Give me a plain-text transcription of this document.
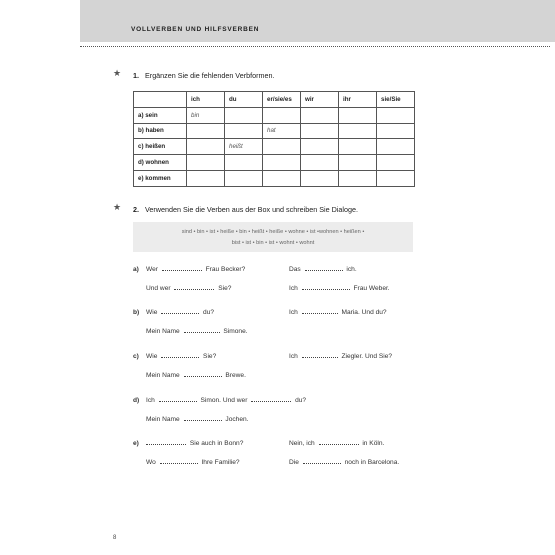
VOLLVERBEN UND HILFSVERBEN
★ 1. Ergänzen Sie die fehlenden Verbformen.
	ich	du	er/sie/es	wir	ihr	sie/Sie
a) sein	bin					
b) haben			hat			
c) heißen		heißt				
d) wohnen						
e) kommen						
★ 2. Verwenden Sie die Verben aus der Box und schreiben Sie Dialoge.
sind • bin • ist • heiße • bin • heißt • heiße • wohne • ist •wohnen • heißen •
bist • ist • bin • ist • wohnt • wohnt
a) Wer	Frau Becker?	Das	ich.
Und wer	Sie?	Ich	Frau Weber.
b) Wie	du?	Ich	Maria. Und du?
Mein Name	Simone.
c) Wie	Sie?	Ich	Ziegler. Und Sie?
Mein Name	Brewe.
d) Ich	Simon. Und wer	du?
Mein Name	Jochen.
e)	Sie auch in Bonn?	Nein, ich	in Köln.
Wo	Ihre Familie?	Die	noch in Barcelona.
8
